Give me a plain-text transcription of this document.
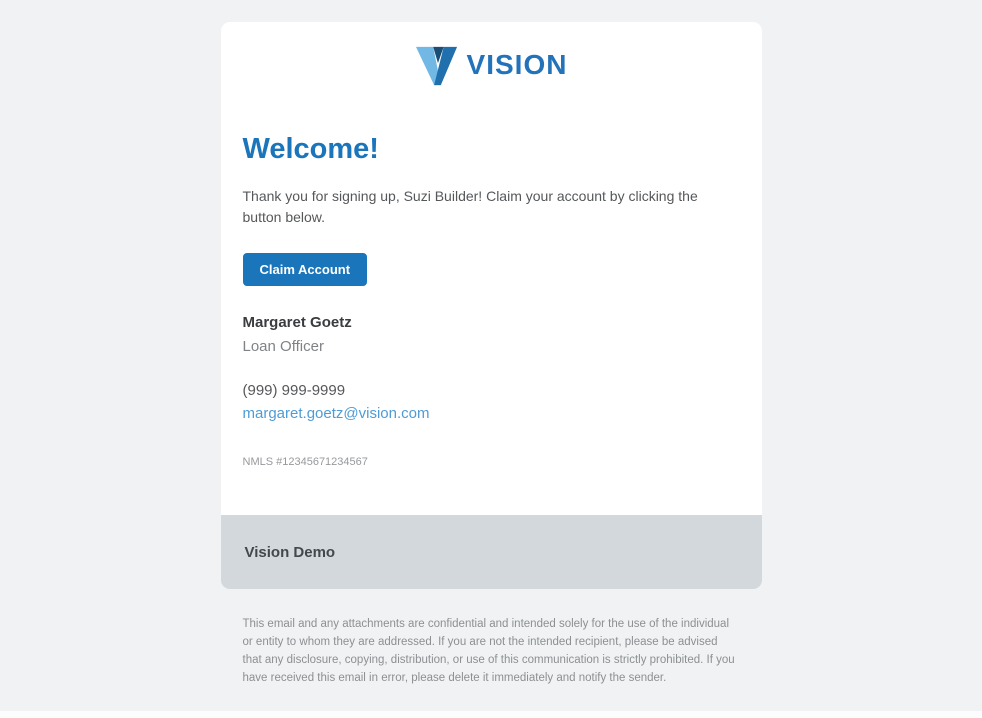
VISION
Welcome!

Thank you for signing up, Suzi Builder! Claim your account by clicking the button below.

Claim Account
Margaret Goetz
Loan Officer
(999) 999-9999
margaret.goetz@vision.com
NMLS #12345671234567
Vision Demo

This email and any attachments are confidential and intended solely for the use of the individual or entity to whom they are addressed. If you are not the intended recipient, please be advised that any disclosure, copying, distribution, or use of this communication is strictly prohibited. If you have received this email in error, please delete it immediately and notify the sender.
